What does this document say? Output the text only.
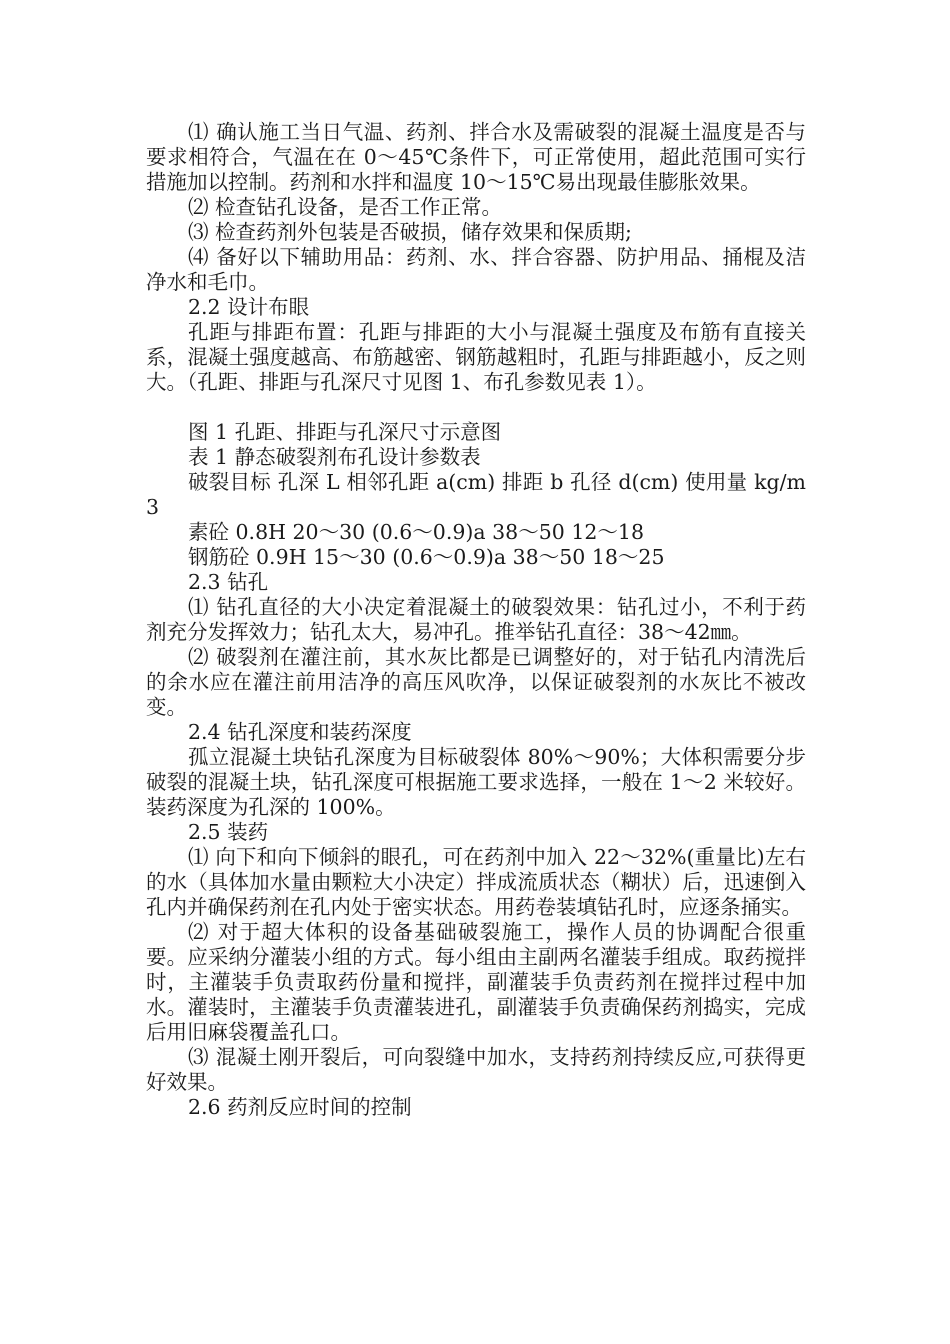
⑴ 确认施工当日气温、药剂、拌合水及需破裂的混凝土温度是否与要求相符合，气温在在 0～45℃条件下，可正常使用，超此范围可实行措施加以控制。药剂和水拌和温度 10～15℃易出现最佳膨胀效果。

⑵ 检查钻孔设备，是否工作正常。

⑶ 检查药剂外包装是否破损，储存效果和保质期;

⑷ 备好以下辅助用品：药剂、水、拌合容器、防护用品、捅棍及洁净水和毛巾。

2.2 设计布眼

孔距与排距布置：孔距与排距的大小与混凝土强度及布筋有直接关系，混凝土强度越高、布筋越密、钢筋越粗时，孔距与排距越小，反之则大。（孔距、排距与孔深尺寸见图 1、布孔参数见表 1）。

图 1 孔距、排距与孔深尺寸示意图

表 1 静态破裂剂布孔设计参数表

破裂目标 孔深 L 相邻孔距 a(cm) 排距 b 孔径 d(cm) 使用量 kg/m3

素砼 0.8H 20～30 (0.6～0.9)a 38～50 12～18

钢筋砼 0.9H 15～30 (0.6～0.9)a 38～50 18～25

2.3 钻孔

⑴ 钻孔直径的大小决定着混凝土的破裂效果：钻孔过小，不利于药剂充分发挥效力；钻孔太大，易冲孔。推举钻孔直径：38～42㎜。

⑵ 破裂剂在灌注前，其水灰比都是已调整好的，对于钻孔内清洗后的余水应在灌注前用洁净的高压风吹净，以保证破裂剂的水灰比不被改变。

2.4 钻孔深度和装药深度

孤立混凝土块钻孔深度为目标破裂体 80%～90%；大体积需要分步破裂的混凝土块，钻孔深度可根据施工要求选择，一般在 1～2 米较好。装药深度为孔深的 100%。

2.5 装药

⑴ 向下和向下倾斜的眼孔，可在药剂中加入 22～32%(重量比)左右的水（具体加水量由颗粒大小决定）拌成流质状态（糊状）后，迅速倒入孔内并确保药剂在孔内处于密实状态。用药卷装填钻孔时，应逐条捅实。

⑵ 对于超大体积的设备基础破裂施工，操作人员的协调配合很重要。应采纳分灌装小组的方式。每小组由主副两名灌装手组成。取药搅拌时，主灌装手负责取药份量和搅拌，副灌装手负责药剂在搅拌过程中加水。灌装时，主灌装手负责灌装进孔，副灌装手负责确保药剂捣实，完成后用旧麻袋覆盖孔口。

⑶ 混凝土刚开裂后，可向裂缝中加水，支持药剂持续反应,可获得更好效果。

2.6 药剂反应时间的控制
